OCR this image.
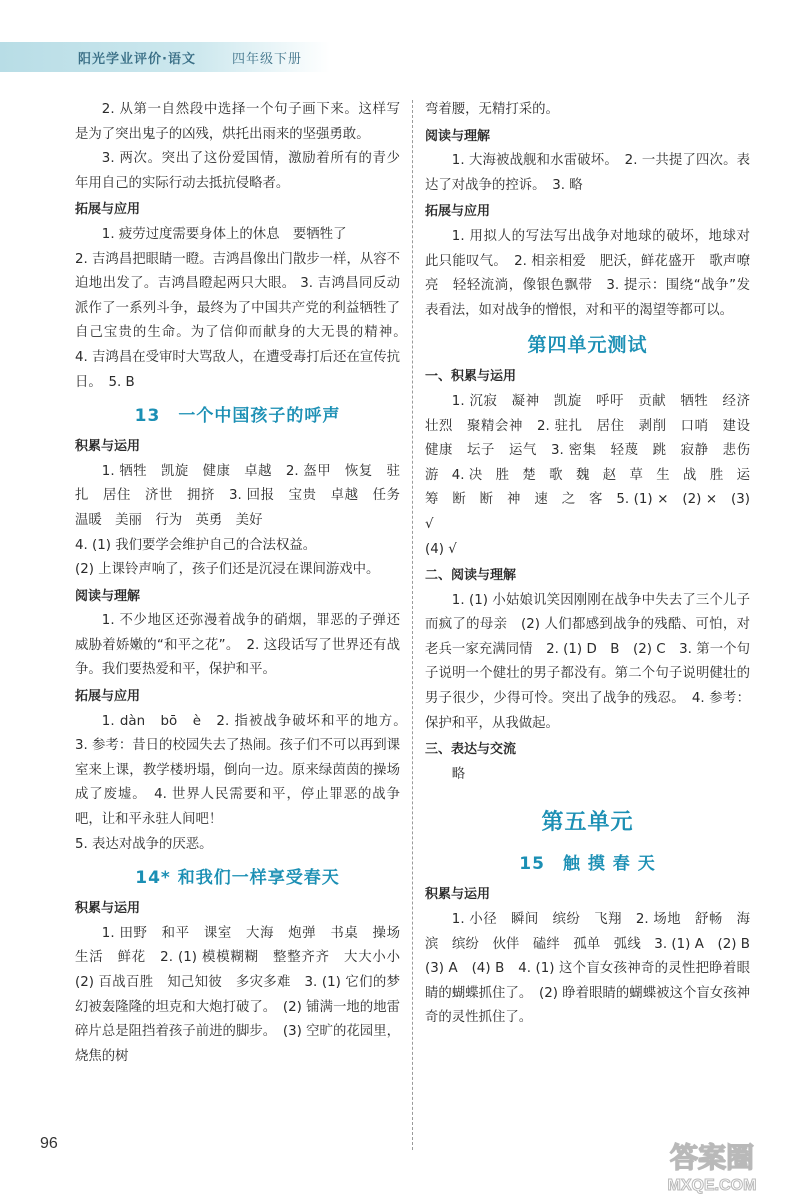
阳光学业评价·语文	四年级下册

2. 从第一自然段中选择一个句子画下来。这样写是为了突出鬼子的凶残，烘托出雨来的坚强勇敢。

3. 两次。突出了这份爱国情，激励着所有的青少年用自己的实际行动去抵抗侵略者。

拓展与应用

1. 疲劳过度需要身体上的休息　要牺牲了

2. 吉鸿昌把眼睛一瞪。吉鸿昌像出门散步一样，从容不迫地出发了。吉鸿昌瞪起两只大眼。 3. 吉鸿昌同反动派作了一系列斗争，最终为了中国共产党的利益牺牲了自己宝贵的生命。为了信仰而献身的大无畏的精神。　4. 吉鸿昌在受审时大骂敌人，在遭受毒打后还在宣传抗日。　5. B

13　一个中国孩子的呼声

积累与运用

1. 牺牲　凯旋　健康　卓越　2. 盔甲　恢复　驻扎　居住　济世　拥挤　3. 回报　宝贵　卓越　任务　温暖　美丽　行为　英勇　美好

4. (1) 我们要学会维护自己的合法权益。

(2) 上课铃声响了，孩子们还是沉浸在课间游戏中。

阅读与理解

1. 不少地区还弥漫着战争的硝烟，罪恶的子弹还威胁着娇嫩的“和平之花”。　2. 这段话写了世界还有战争。我们要热爱和平，保护和平。

拓展与应用

1. dàn　bō　è　2. 指被战争破坏和平的地方。　3. 参考：昔日的校园失去了热闹。孩子们不可以再到课室来上课，教学楼坍塌，倒向一边。原来绿茵茵的操场成了废墟。　4. 世界人民需要和平，停止罪恶的战争吧，让和平永驻人间吧！

5. 表达对战争的厌恶。

14* 和我们一样享受春天

积累与运用

1. 田野　和平　课室　大海　炮弹　书桌　操场　生活　鲜花　2. (1) 模模糊糊　整整齐齐　大大小小　(2) 百战百胜　知己知彼　多灾多难　3. (1) 它们的梦幻被轰隆隆的坦克和大炮打破了。　(2) 铺满一地的地雷碎片总是阻挡着孩子前进的脚步。　(3) 空旷的花园里，烧焦的树

弯着腰，无精打采的。

阅读与理解

1. 大海被战舰和水雷破坏。　2. 一共提了四次。表达了对战争的控诉。　3. 略

拓展与应用

1. 用拟人的写法写出战争对地球的破坏，地球对此只能叹气。　2. 相亲相爱　肥沃，鲜花盛开　歌声嘹亮　轻轻流淌，像银色飘带　3. 提示：围绕“战争”发表看法，如对战争的憎恨，对和平的渴望等都可以。

第四单元测试

一、积累与运用

1. 沉寂　凝神　凯旋　呼吁　贡献　牺牲　经济　壮烈　聚精会神　2. 驻扎　居住　剥削　口哨　建设　健康　坛子　运气　3. 密集　轻蔑　跳　寂静　悲伤　游　4. 决　胜　楚　歌　魏　赵　草　生　战　胜　运　筹　断　断　神　速　之　客　5. (1) ×　(2) ×　(3) √

(4) √

二、阅读与理解

1. (1) 小姑娘讥笑因刚刚在战争中失去了三个儿子而疯了的母亲　(2) 人们都感到战争的残酷、可怕，对老兵一家充满同情　2. (1) D　B　(2) C　3. 第一个句子说明一个健壮的男子都没有。第二个句子说明健壮的男子很少，少得可怜。突出了战争的残忍。　4. 参考：保护和平，从我做起。

三、表达与交流

略

第五单元
15　触 摸 春 天

积累与运用

1. 小径　瞬间　缤纷　飞翔　2. 场地　舒畅　海滨　缤纷　伙伴　磕绊　孤单　弧线　3. (1) A　(2) B　(3) A　(4) B　4. (1) 这个盲女孩神奇的灵性把睁着眼睛的蝴蝶抓住了。　(2) 睁着眼睛的蝴蝶被这个盲女孩神奇的灵性抓住了。

96	答案圈
MXQE.COM
